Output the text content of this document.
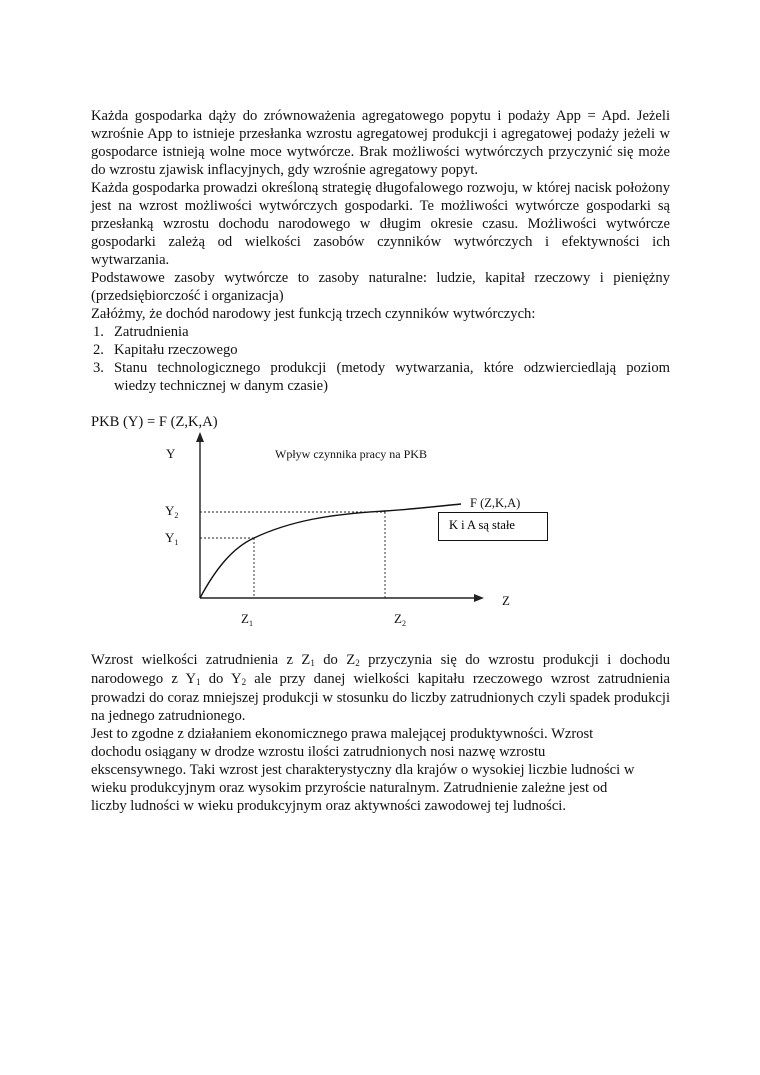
Każda gospodarka dąży do zrównoważenia agregatowego popytu i podaży App = Apd. Jeżeli wzrośnie App to istnieje przesłanka wzrostu agregatowej produkcji i agregatowej podaży jeżeli w gospodarce istnieją wolne moce wytwórcze. Brak możliwości wytwórczych przyczynić się może do wzrostu zjawisk inflacyjnych, gdy wzrośnie agregatowy popyt.

Każda gospodarka prowadzi określoną strategię długofalowego rozwoju, w której nacisk położony jest na wzrost możliwości wytwórczych gospodarki. Te możliwości wytwórcze gospodarki są przesłanką wzrostu dochodu narodowego w długim okresie czasu. Możliwości wytwórcze gospodarki zależą od wielkości zasobów czynników wytwórczych i efektywności ich wytwarzania.

Podstawowe zasoby wytwórcze to zasoby naturalne: ludzie, kapitał rzeczowy i pieniężny (przedsiębiorczość i organizacja)

Załóżmy, że dochód narodowy jest funkcją trzech czynników wytwórczych:

1. Zatrudnienia
2. Kapitału rzeczowego
3. Stanu technologicznego produkcji (metody wytwarzania, które odzwierciedlają poziom wiedzy technicznej w danym czasie)

PKB (Y) = F (Z,K,A)

Y	Wpływ czynnika pracy na PKB
$Y_2$
$Y_1$
$Z_1$	$Z_2$
Z
F (Z,K,A)
K i A są stałe

Wzrost wielkości zatrudnienia z $Z_1$ do $Z_2$ przyczynia się do wzrostu produkcji i dochodu narodowego z $Y_1$ do $Y_2$ ale przy danej wielkości kapitału rzeczowego wzrost zatrudnienia prowadzi do coraz mniejszej produkcji w stosunku do liczby zatrudnionych czyli spadek produkcji na jednego zatrudnionego.

Jest to zgodne z działaniem ekonomicznego prawa malejącej produktywności. Wzrost
dochodu osiągany w drodze wzrostu ilości zatrudnionych nosi nazwę wzrostu
ekscensywnego. Taki wzrost jest charakterystyczny dla krajów o wysokiej liczbie ludności w
wieku produkcyjnym oraz wysokim przyroście naturalnym. Zatrudnienie zależne jest od
liczby ludności w wieku produkcyjnym oraz aktywności zawodowej tej ludności.
